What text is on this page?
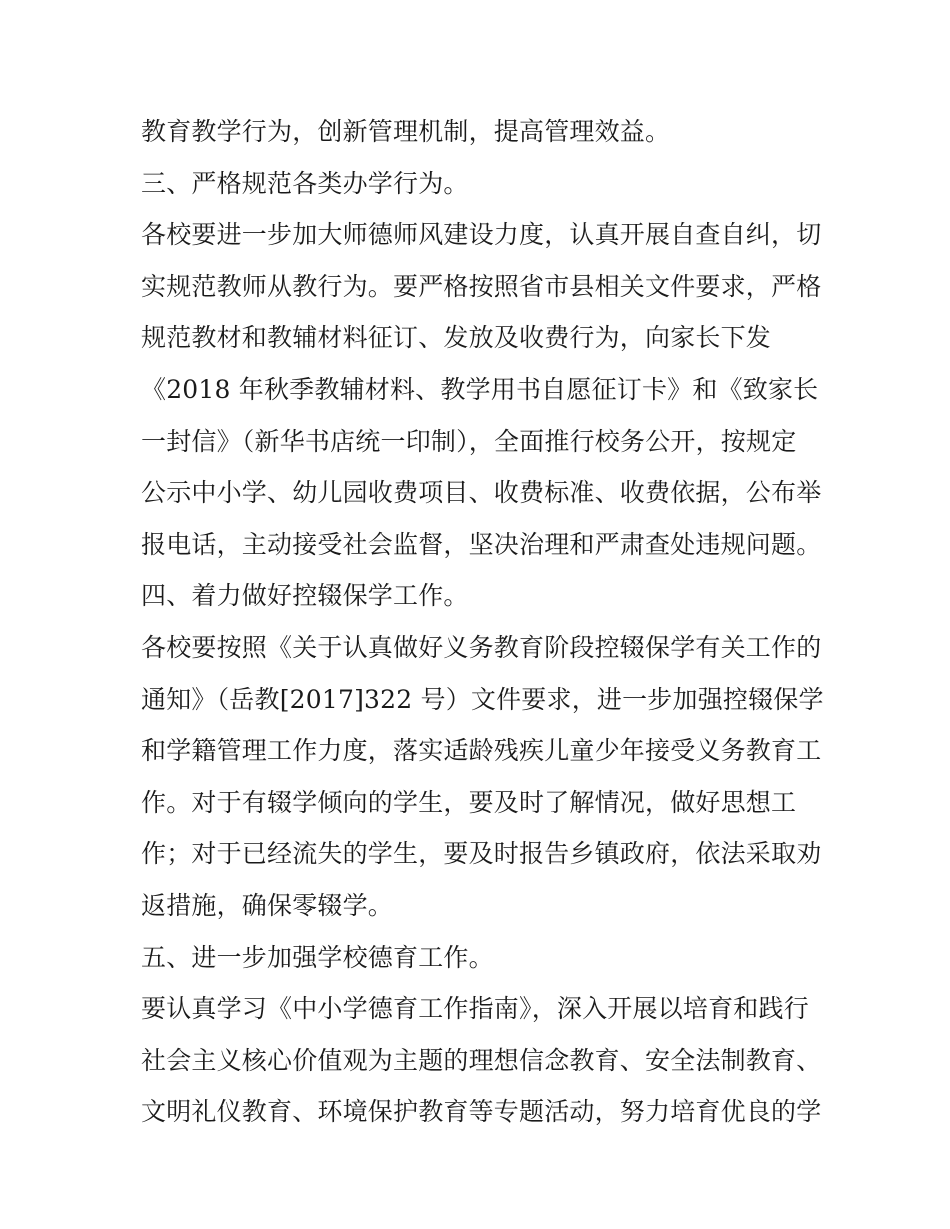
教育教学行为，创新管理机制，提高管理效益。
三、严格规范各类办学行为。
各校要进一步加大师德师风建设力度，认真开展自查自纠，切
实规范教师从教行为。要严格按照省市县相关文件要求，严格
规范教材和教辅材料征订、发放及收费行为，向家长下发
《2018 年秋季教辅材料、教学用书自愿征订卡》和《致家长
一封信》（新华书店统一印制），全面推行校务公开，按规定
公示中小学、幼儿园收费项目、收费标准、收费依据，公布举
报电话，主动接受社会监督，坚决治理和严肃查处违规问题。
四、着力做好控辍保学工作。
各校要按照《关于认真做好义务教育阶段控辍保学有关工作的
通知》（岳教[2017]322 号）文件要求，进一步加强控辍保学
和学籍管理工作力度，落实适龄残疾儿童少年接受义务教育工
作。对于有辍学倾向的学生，要及时了解情况，做好思想工
作；对于已经流失的学生，要及时报告乡镇政府，依法采取劝
返措施，确保零辍学。
五、进一步加强学校德育工作。
要认真学习《中小学德育工作指南》，深入开展以培育和践行
社会主义核心价值观为主题的理想信念教育、安全法制教育、
文明礼仪教育、环境保护教育等专题活动，努力培育优良的学
